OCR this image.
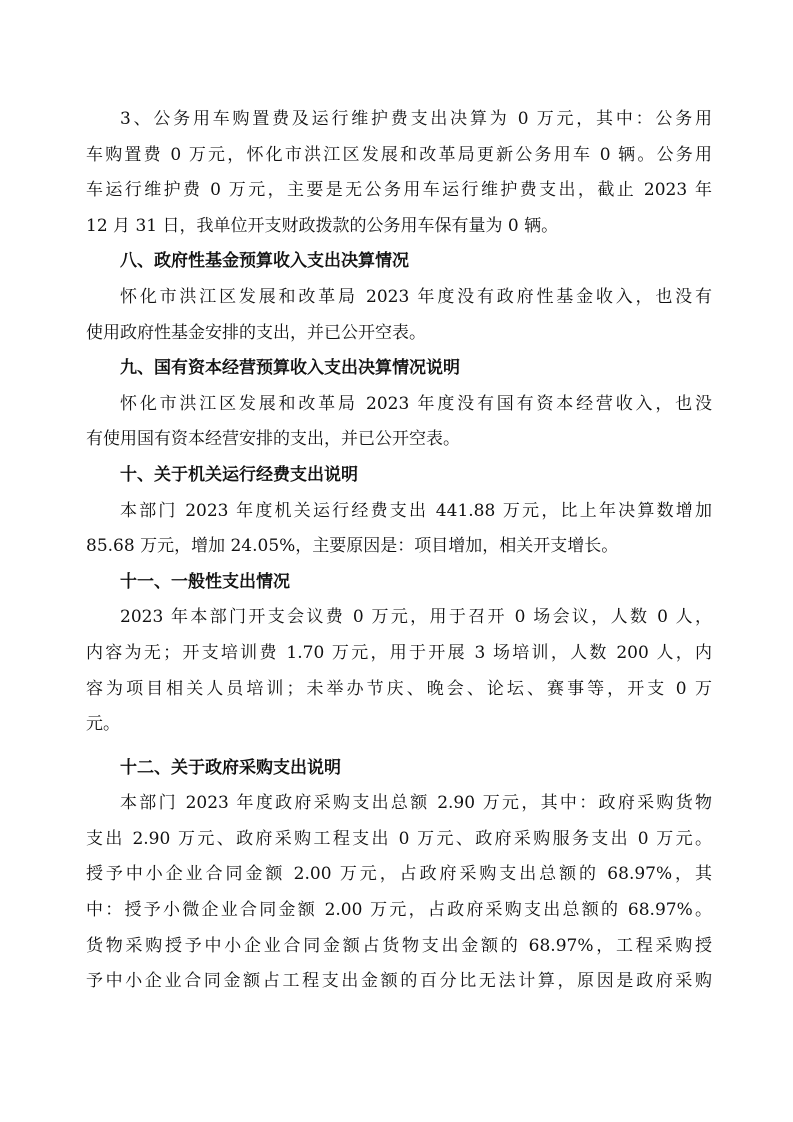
3、公务用车购置费及运行维护费支出决算为 0 万元，其中：公务用
车购置费 0 万元，怀化市洪江区发展和改革局更新公务用车 0 辆。公务用
车运行维护费 0 万元，主要是无公务用车运行维护费支出，截止 2023 年
12 月 31 日，我单位开支财政拨款的公务用车保有量为 0 辆。
八、政府性基金预算收入支出决算情况
怀化市洪江区发展和改革局 2023 年度没有政府性基金收入，也没有
使用政府性基金安排的支出，并已公开空表。
九、国有资本经营预算收入支出决算情况说明
怀化市洪江区发展和改革局 2023 年度没有国有资本经营收入，也没
有使用国有资本经营安排的支出，并已公开空表。
十、关于机关运行经费支出说明
本部门 2023 年度机关运行经费支出 441.88 万元，比上年决算数增加
85.68 万元，增加 24.05%，主要原因是：项目增加，相关开支增长。
十一、一般性支出情况
2023 年本部门开支会议费 0 万元，用于召开 0 场会议，人数 0 人，
内容为无；开支培训费 1.70 万元，用于开展 3 场培训，人数 200 人，内
容为项目相关人员培训；未举办节庆、晚会、论坛、赛事等，开支 0 万
元。
十二、关于政府采购支出说明
本部门 2023 年度政府采购支出总额 2.90 万元，其中：政府采购货物
支出 2.90 万元、政府采购工程支出 0 万元、政府采购服务支出 0 万元。
授予中小企业合同金额 2.00 万元，占政府采购支出总额的 68.97%，其
中：授予小微企业合同金额 2.00 万元，占政府采购支出总额的 68.97%。
货物采购授予中小企业合同金额占货物支出金额的 68.97%，工程采购授
予中小企业合同金额占工程支出金额的百分比无法计算，原因是政府采购
